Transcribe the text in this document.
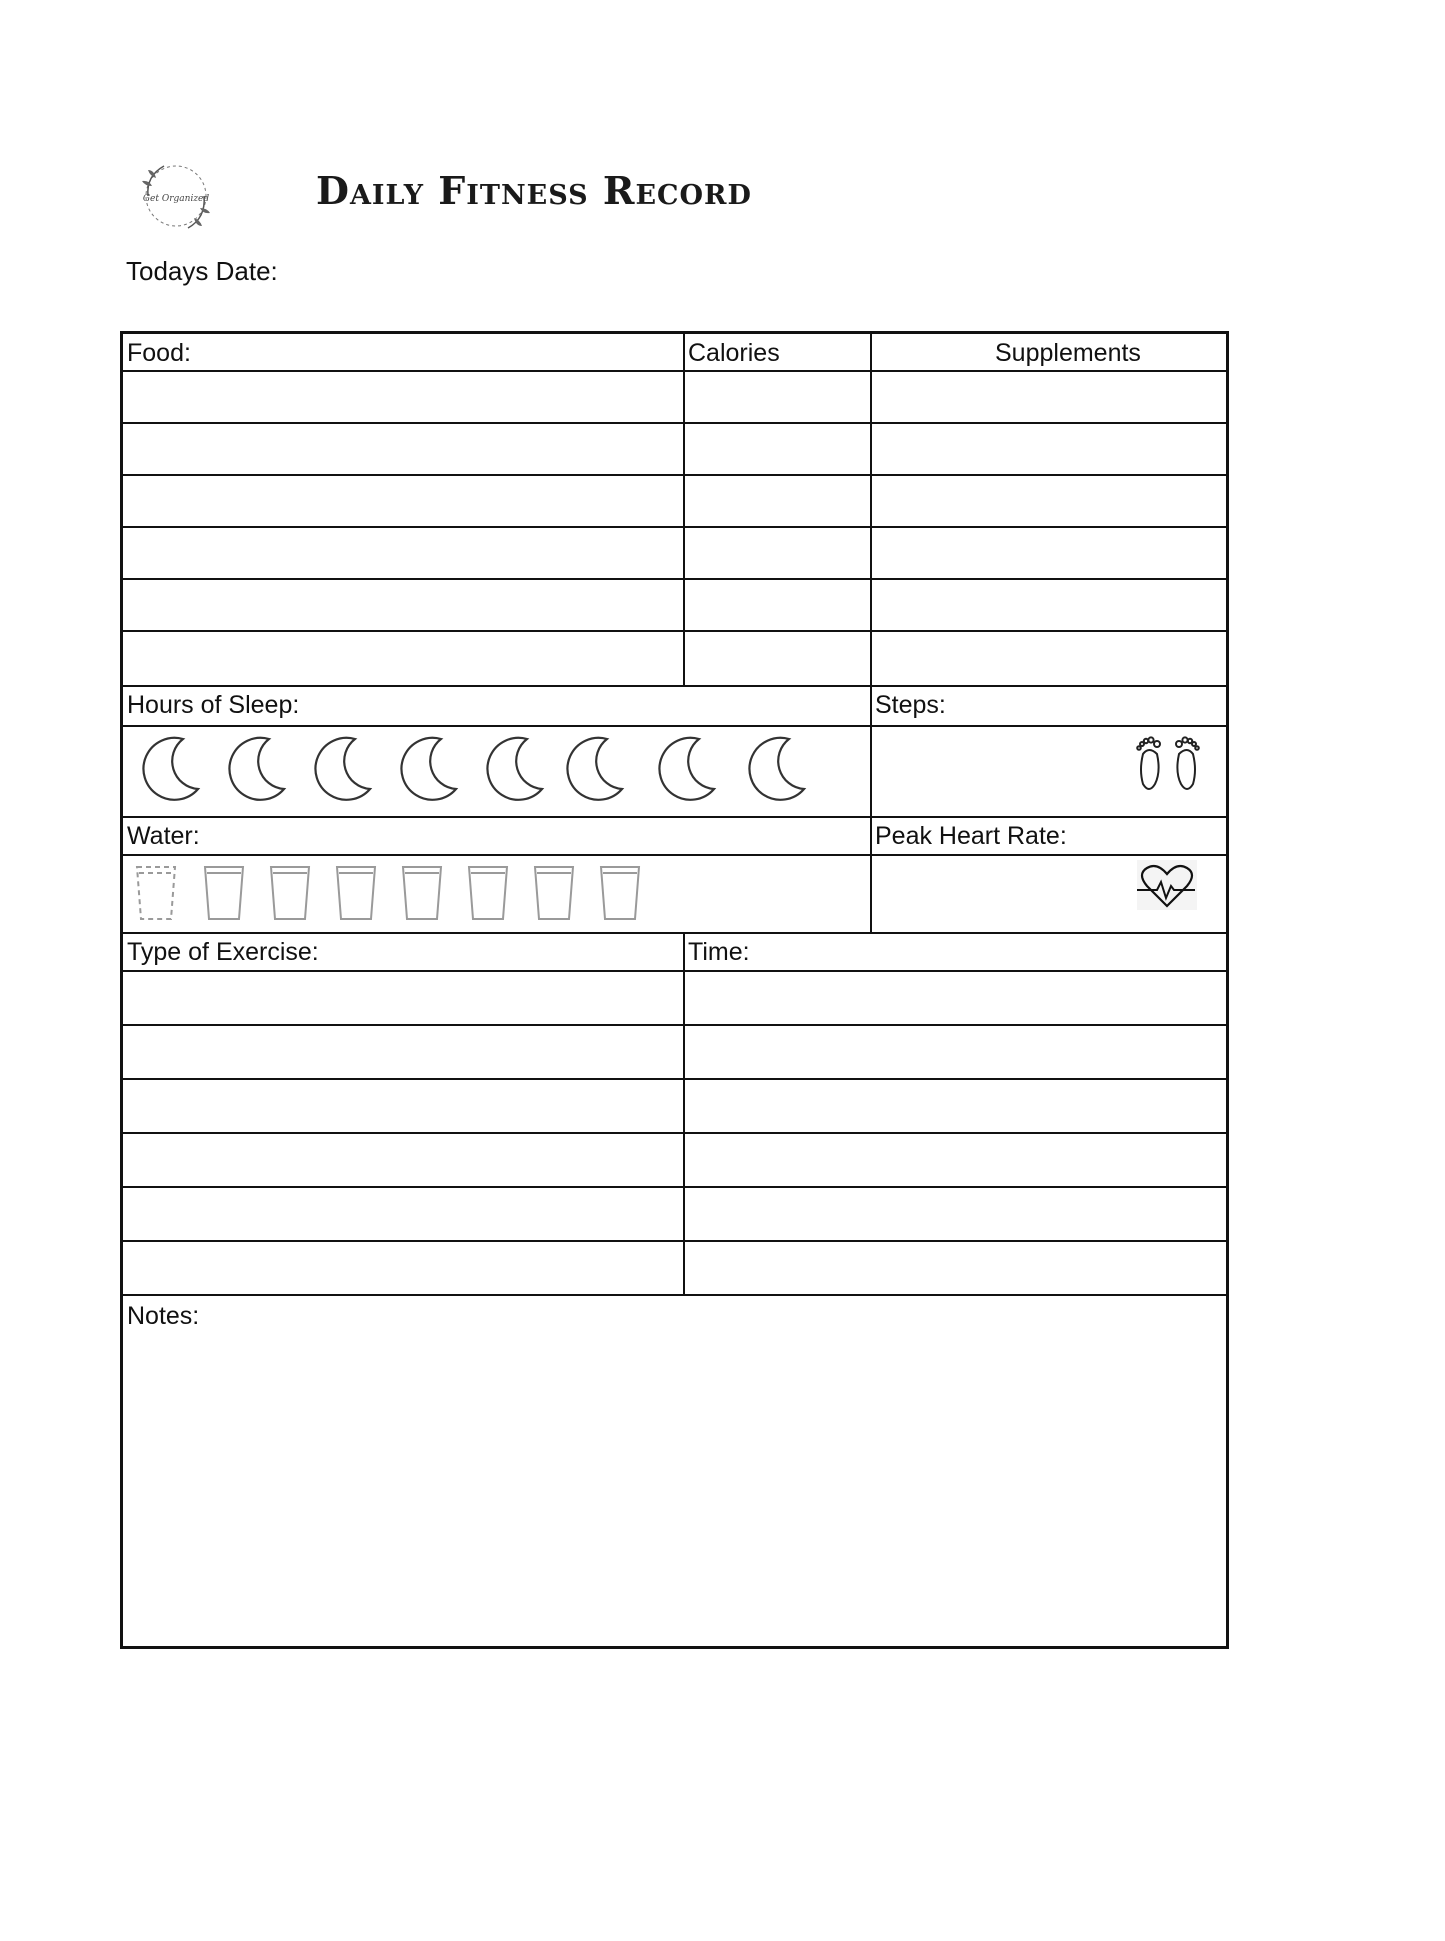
Get Organized	Daily Fitness Record
Todays Date:
Food:	Calories	Supplements
Hours of Sleep:	Steps:
Water:	Peak Heart Rate:
Type of Exercise:	Time:
Notes:
